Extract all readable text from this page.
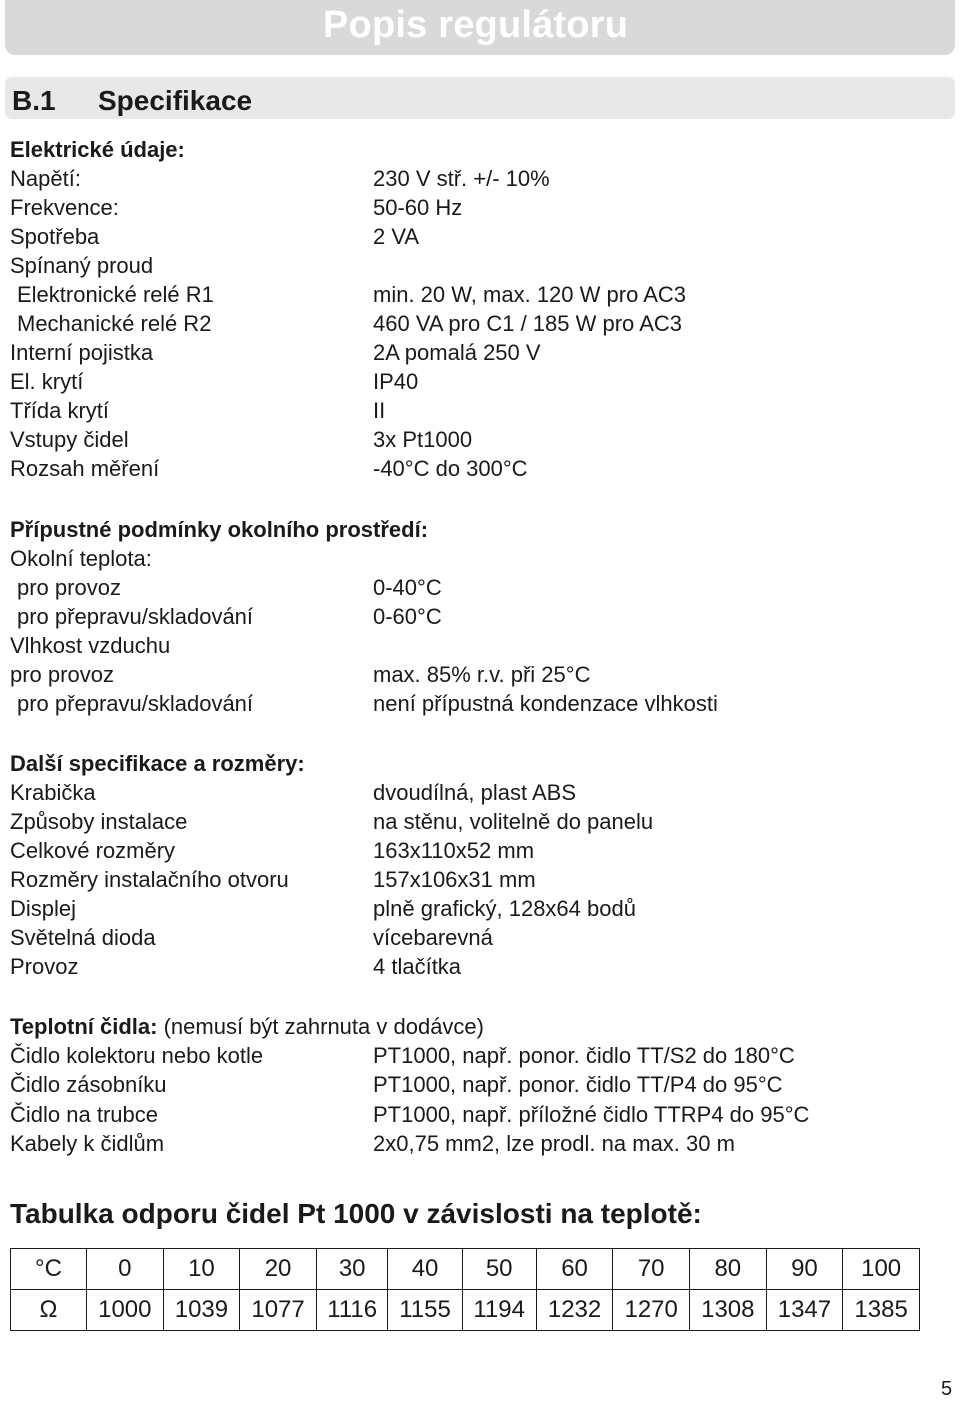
Popis regulátoru
B.1 Specifikace
Elektrické údaje:
Napětí:	230 V stř. +/- 10%
Frekvence:	50-60 Hz
Spotřeba	2 VA
Spínaný proud
Elektronické relé R1	min. 20 W, max. 120 W pro AC3
Mechanické relé R2	460 VA pro C1 / 185 W pro AC3
Interní pojistka	2A pomalá 250 V
El. krytí	IP40
Třída krytí	II
Vstupy čidel	3x Pt1000
Rozsah měření	-40°C do 300°C
Přípustné podmínky okolního prostředí:
Okolní teplota:
pro provoz	0-40°C
pro přepravu/skladování	0-60°C
Vlhkost vzduchu
pro provoz	max. 85% r.v. při 25°C
pro přepravu/skladování	není přípustná kondenzace vlhkosti
Další specifikace a rozměry:
Krabička	dvoudílná, plast ABS
Způsoby instalace	na stěnu, volitelně do panelu
Celkové rozměry	163x110x52 mm
Rozměry instalačního otvoru	157x106x31 mm
Displej	plně grafický, 128x64 bodů
Světelná dioda	vícebarevná
Provoz	4 tlačítka
Teplotní čidla: (nemusí být zahrnuta v dodávce)
Čidlo kolektoru nebo kotle	PT1000, např. ponor. čidlo TT/S2 do 180°C
Čidlo zásobníku	PT1000, např. ponor. čidlo TT/P4 do 95°C
Čidlo na trubce	PT1000, např. příložné čidlo TTRP4 do 95°C
Kabely k čidlům	2x0,75 mm2, lze prodl. na max. 30 m
Tabulka odporu čidel Pt 1000 v závislosti na teplotě:
°C	0	10	20	30	40	50	60	70	80	90	100
Ω	1000	1039	1077	1116	1155	1194	1232	1270	1308	1347	1385
5
